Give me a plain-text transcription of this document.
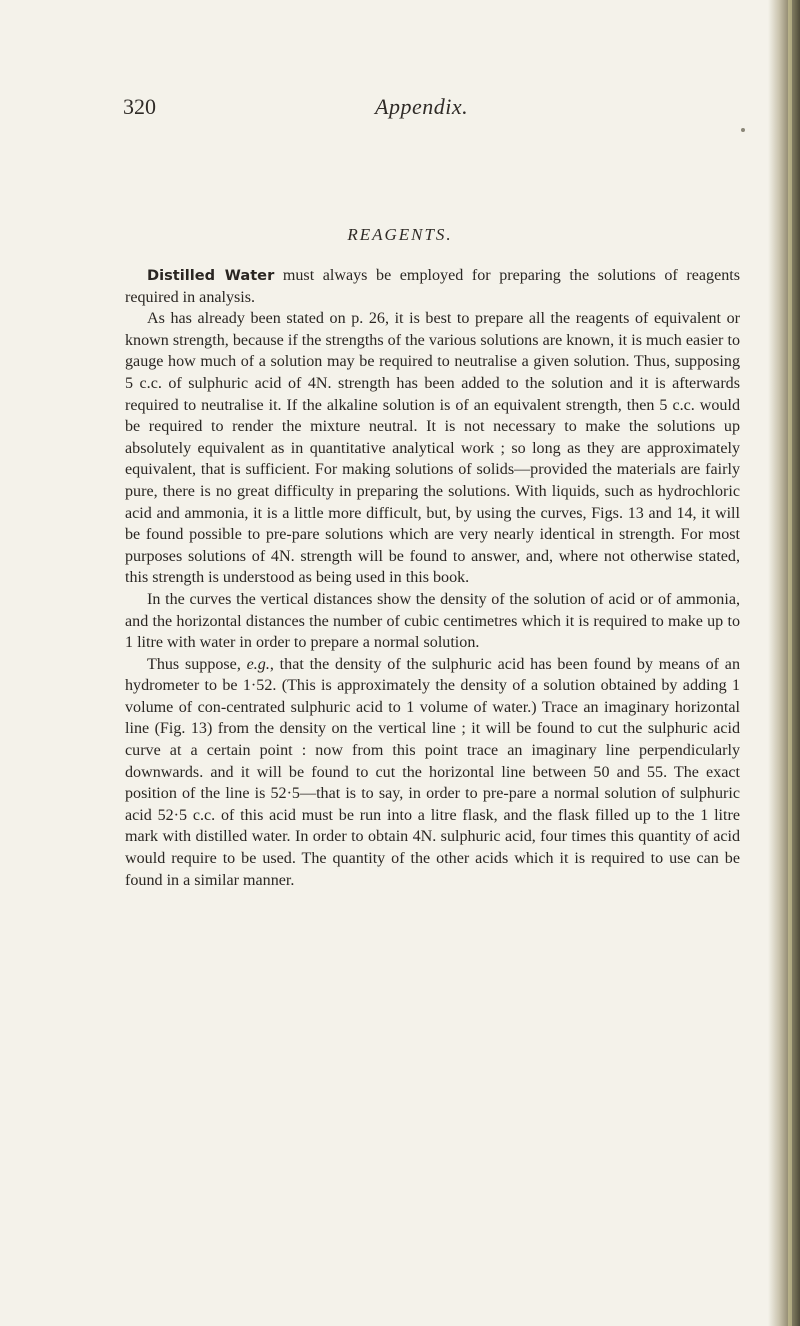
320	Appendix.
REAGENTS.

Distilled Water must always be employed for preparing the solutions of reagents required in analysis.

As has already been stated on p. 26, it is best to prepare all the reagents of equivalent or known strength, because if the strengths of the various solutions are known, it is much easier to gauge how much of a solution may be required to neutralise a given solution. Thus, supposing 5 c.c. of sulphuric acid of 4N. strength has been added to the solution and it is afterwards required to neutralise it. If the alkaline solution is of an equivalent strength, then 5 c.c. would be required to render the mixture neutral. It is not necessary to make the solutions up absolutely equivalent as in quantitative analytical work ; so long as they are approximately equivalent, that is sufficient. For making solutions of solids—provided the materials are fairly pure, there is no great difficulty in preparing the solutions. With liquids, such as hydrochloric acid and ammonia, it is a little more difficult, but, by using the curves, Figs. 13 and 14, it will be found possible to pre-pare solutions which are very nearly identical in strength. For most purposes solutions of 4N. strength will be found to answer, and, where not otherwise stated, this strength is understood as being used in this book.

In the curves the vertical distances show the density of the solution of acid or of ammonia, and the horizontal distances the number of cubic centimetres which it is required to make up to 1 litre with water in order to prepare a normal solution.

Thus suppose, e.g., that the density of the sulphuric acid has been found by means of an hydrometer to be 1·52. (This is approximately the density of a solution obtained by adding 1 volume of con-centrated sulphuric acid to 1 volume of water.) Trace an imaginary horizontal line (Fig. 13) from the density on the vertical line ; it will be found to cut the sulphuric acid curve at a certain point : now from this point trace an imaginary line perpendicularly downwards. and it will be found to cut the horizontal line between 50 and 55. The exact position of the line is 52·5—that is to say, in order to pre-pare a normal solution of sulphuric acid 52·5 c.c. of this acid must be run into a litre flask, and the flask filled up to the 1 litre mark with distilled water. In order to obtain 4N. sulphuric acid, four times this quantity of acid would require to be used. The quantity of the other acids which it is required to use can be found in a similar manner.
